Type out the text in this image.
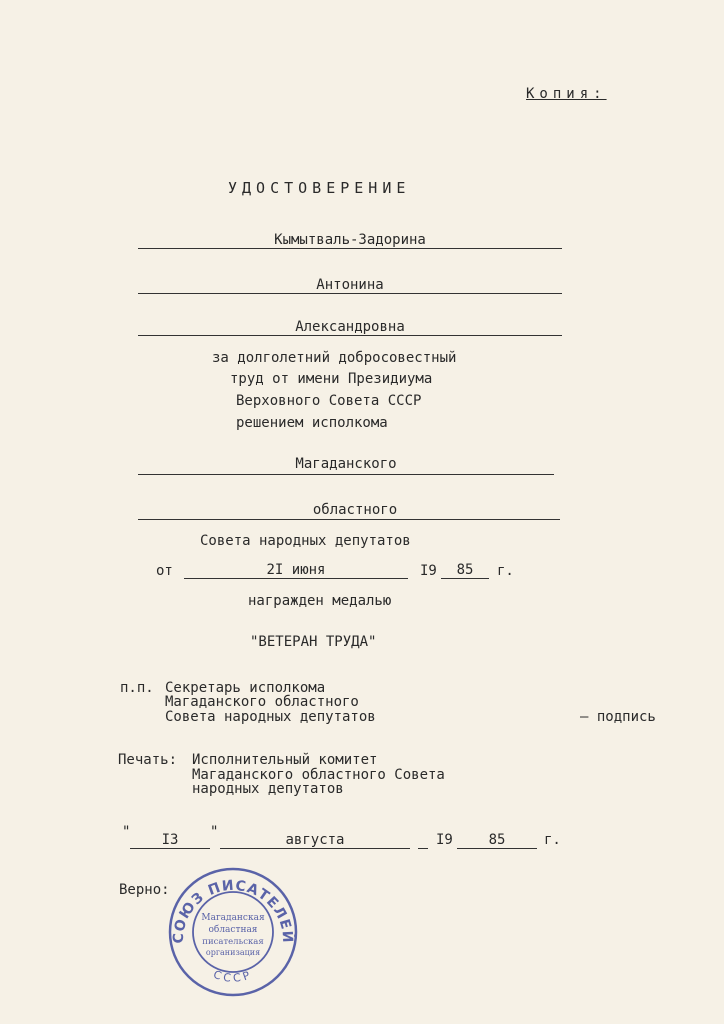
Копия:
УДОСТОВЕРЕНИЕ
Кымытваль-Задорина
Антонина
Александровна
за долголетний добросовестный
труд от имени Президиума
Верховного Совета СССР
решением исполкома
Магаданского
областного
Совета народных депутатов
от	2I июня	I9	85	г.
награжден медалью
"ВЕТЕРАН ТРУДА"
п.п. Секретарь исполкома
Магаданского областного
Совета народных депутатов	– подпись
Печать: Исполнительный комитет
Магаданского областного Совета
народных депутатов
"	I3	"	августа	I9	85	г.
Верно:
СОЮЗ ПИСАТЕЛЕЙ
СССР
Магаданская
областная
писательская
организация
